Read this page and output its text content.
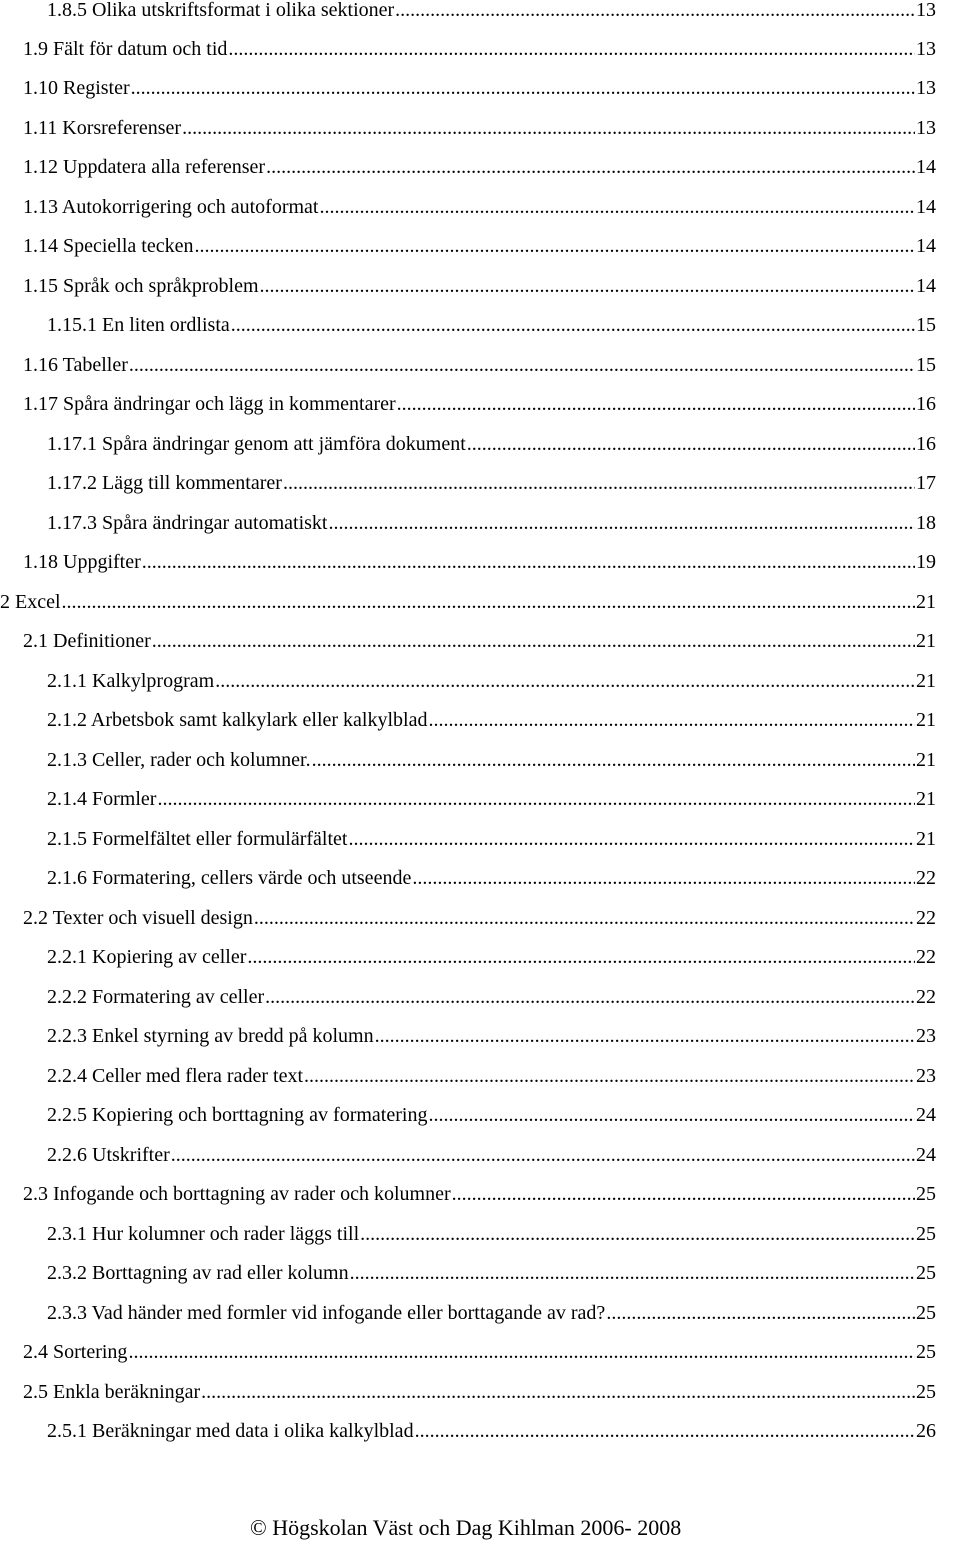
1.8.5 Olika utskriftsformat i olika sektioner .....	13
1.9 Fält för datum och tid .....	13
1.10 Register .....	13
1.11 Korsreferenser .....	13
1.12 Uppdatera alla referenser .....	14
1.13 Autokorrigering och autoformat .....	14
1.14 Speciella tecken .....	14
1.15 Språk och språkproblem .....	14
1.15.1 En liten ordlista .....	15
1.16 Tabeller .....	15
1.17 Spåra ändringar och lägg in kommentarer .....	16
1.17.1 Spåra ändringar genom att jämföra dokument .....	16
1.17.2 Lägg till kommentarer .....	17
1.17.3 Spåra ändringar automatiskt .....	18
1.18 Uppgifter .....	19
2 Excel .....	21
2.1 Definitioner .....	21
2.1.1 Kalkylprogram .....	21
2.1.2 Arbetsbok samt kalkylark eller kalkylblad .....	21
2.1.3 Celler, rader och kolumner. .....	21
2.1.4 Formler .....	21
2.1.5 Formelfältet eller formulärfältet .....	21
2.1.6 Formatering, cellers värde och utseende .....	22
2.2 Texter och visuell design .....	22
2.2.1 Kopiering av celler .....	22
2.2.2 Formatering av celler .....	22
2.2.3 Enkel styrning av bredd på kolumn .....	23
2.2.4 Celler med flera rader text .....	23
2.2.5 Kopiering och borttagning av formatering .....	24
2.2.6 Utskrifter .....	24
2.3 Infogande och borttagning av rader och kolumner .....	25
2.3.1 Hur kolumner och rader läggs till .....	25
2.3.2 Borttagning av rad eller kolumn .....	25
2.3.3 Vad händer med formler vid infogande eller borttagande av rad? .....	25
2.4 Sortering .....	25
2.5 Enkla beräkningar .....	25
2.5.1 Beräkningar med data i olika kalkylblad .....	26
© Högskolan Väst och Dag Kihlman 2006- 2008
